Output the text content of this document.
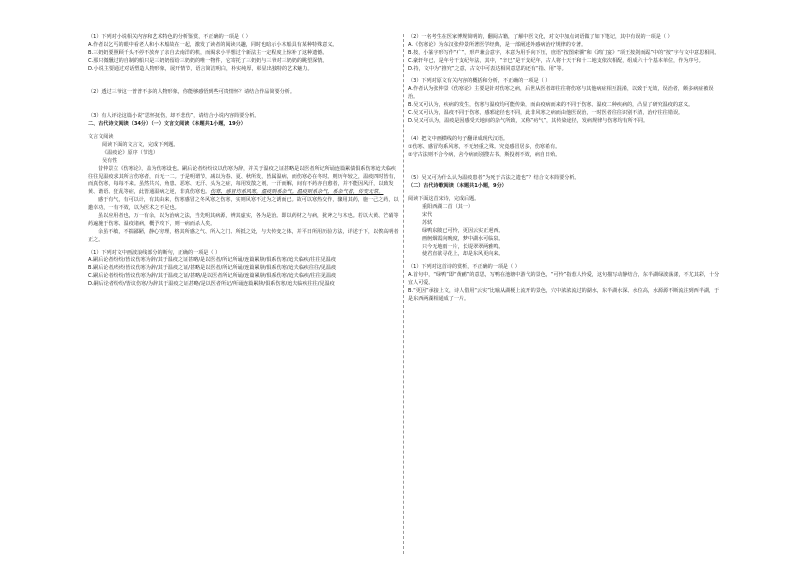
（1）下列对小说相关内容和艺术特色的分析鉴赏，不正确的一项是（ ）

A.作者以乞丐的眼中看老人和小木船故在一起，激发了读者的阅读兴趣，同时也暗示小木船具有某种特殊意义。

B.三奶奶要照顾千头不停不放弃了亲自去南洋的机，而渴求小半想过个新法主一定程度上惊补了这种遗憾。

C.那只微醺过的自制的船只是三奶奶留给三奶奶的唯一物件，它寄托了三奶奶与三爷对三奶奶的眺望深情。

D.小说主要通过对话塑造人物形象，展开情节，语言简洁明白，朴实纯厚，彰显出独特的艺术魅力。

（2）透过三爷这一普普不多的人物形象，你能够感悟到些可贵情怀？请结合作品简要分析。

（3）有人评论这篇小说“思怀抚伤，却不悲伤”，请结合小说内容简要分析。

二、古代诗文阅读（34分）（一）文言文阅读（本题共1小题，19分）

文言文阅读

阅读下面的文言文，完成下列题。

《温疫论》原序（节选）

吴有性

昔仲景立《伤寒论》，盖为伤寒设也。嗣后论者纷纷议以伤寒为辞，并关于温疫之证甚略是以医者所记所诵连篇累债俱系伤寒迨夫临疾往往见温疫求其所言伤寒者，百无一二。于是明谓节，减以为春、夏、秋所发，皆属温病，而伤寒必在冬时。则历年较之，温疫四时皆有，而真伤寒，每每不来。虽然共兴，角患、恶寒、无汗、头为之症，每用发散之剂，一汗而解，间有不药亦自愈者，并不能因风汗，以致发黄、谵语、狂乱等症，此皆通温病之逆，非真伤寒也。伤寒、感冒均系风寒，温疫则系杂气。温疫则系杂气，系杂气者，传变无常。

感于有气，有可以计，有其由来，伤寒感冒之冬风寒之伤寒，实则风寒不过为之诱而已。故可以寒热交作，骤用其药，施一己之药，以邀幸功，一有不效，以为医术之不足也。

虽以应用者也，万一有余，以为治病之法，当先明其病源，辨其虚实，各为是治。即以药材之与病，犹斧之与木也。若以大黄、芒硝等药遍施于伤寒、温疫诸病，概予攻下，则一病而杀人矣。

余虽不敏，不揣鄙陋，静心穷理，格其所感之气、所入之门、所抵之处，与夫传变之体，并平日所用历验方法，详述于下，以俟高明者正之。

（1）下列对文中画波浪线部分的断句，正确的一项是（ ）

A.嗣后论者纷纷/皆议伤寒为辞/其于温疫之证甚略/是以医者/所记所诵/连篇累牍/俱系伤寒/迨夫临疾/往往见温疫

B.嗣后论者/纷纷皆议伤寒为辞/其于温疫之证/甚略是以医者/所记所诵/连篇累牍/俱系伤寒/迨夫临疾往往/见温疫

C.嗣后论者纷纷/皆议伤寒为辞/其于温疫之证/甚略/是以医者所记所诵/连篇累牍/俱系伤寒/迨夫临疾/往往见温疫

D.嗣后论者纷纷/皆议伤寒/为辞其于温疫之证甚略/是以医者所记/所诵连篇累牍/俱系伤寒/迨夫临疾往往/见温疫

（2）一名考生在医家博规简明的，翻阅古籍，了解中医文化，对文中加点词语做了如下笔记，其中有误的一项是（ ）

A.《伤寒论》为东汉张仲景所著医学经典，是一部阐述外感病治疗规律的专著。

B.按，小篆字形写作“疒”，形声兼会意字，本意为用手向下压，庶语“按图索骥”和《鸿门宴》“项王按剑而跽”中的“按”字与文中意思相同。

C.豪轩年已，是年号干支纪年法，其中，“辛巳”是干支纪年，古人将十天干和十二地支依次相配，组成六十个基本单位，作为序号。

D.持，文中为“推究”之意，古文中可表达相同意思的还有“指、用”等。

（3）下列对原文有关内容的概括和分析，不正确的一项是（ ）

A.作者认为张仲景《伤寒论》主要是针对伤寒之病，后世从医者却往往将伤寒与其他病症相互混淆，以致于无效，误治者，颇多病症被误治。

B.吴又可认为，疾病的发生，伤寒与温疫均可能传染，而由疫病而来的不同于伤寒、温疫二种疾病的，凸显了研究温疫的意义。

C.吴又可认为，温疫不同于伤寒，感邪途径也不同，此非风寒之病而由他医误治，一时医者往往识别不清，治疗往往错误。

D.吴又可认为，温疫是因感受天地间的杂气所致，又称“疠气”，其传染途径，发病规律与伤寒均有所不同。

（4）把文中画横线的句子翻译成现代汉语。

①伤寒、感冒均系风寒，不无轻重之殊。究竟感冒居多，伤寒希有。

②守古法则不合今病，舍今病而别搜古书，斯投剂不效，病自日殆。

（5）吴又可为什么认为温疫患者“为死于古法之遗也”？结合文本简要分析。

（二）古代诗歌阅读（本题共1小题，9分）

阅读下面这首宋诗，完成后题。

重阳西湖二首（其一）

宋代

苏轼

绿鸭东陂已可怜，更因云实正迥西。

画舸烟霞向晚度，梦中湖水可临泉。

只今无地雨一片，长堤翠翠两雅鸣。

使君直欲寻花上，却是东风更向来。

（1）下列对这首诗的赏析，不正确的一项是（ ）

A.首句中，“绿鸭”即“黄鹂”的意思，写鸭在池塘中游弋的景色，“可怜”指惹人怜爱，这句描写动静结合，东半湖绿波荡漾，不尤其彩，十分宜人可爱。

B.“更因”承接上文，诗人借用“云实”比喻从湖梗上流开的景色，穴中浓浓流过的湖水，东半湖水深、水位高，水源源不断流注到西半湖，于是东西两湖相通成了一片。
